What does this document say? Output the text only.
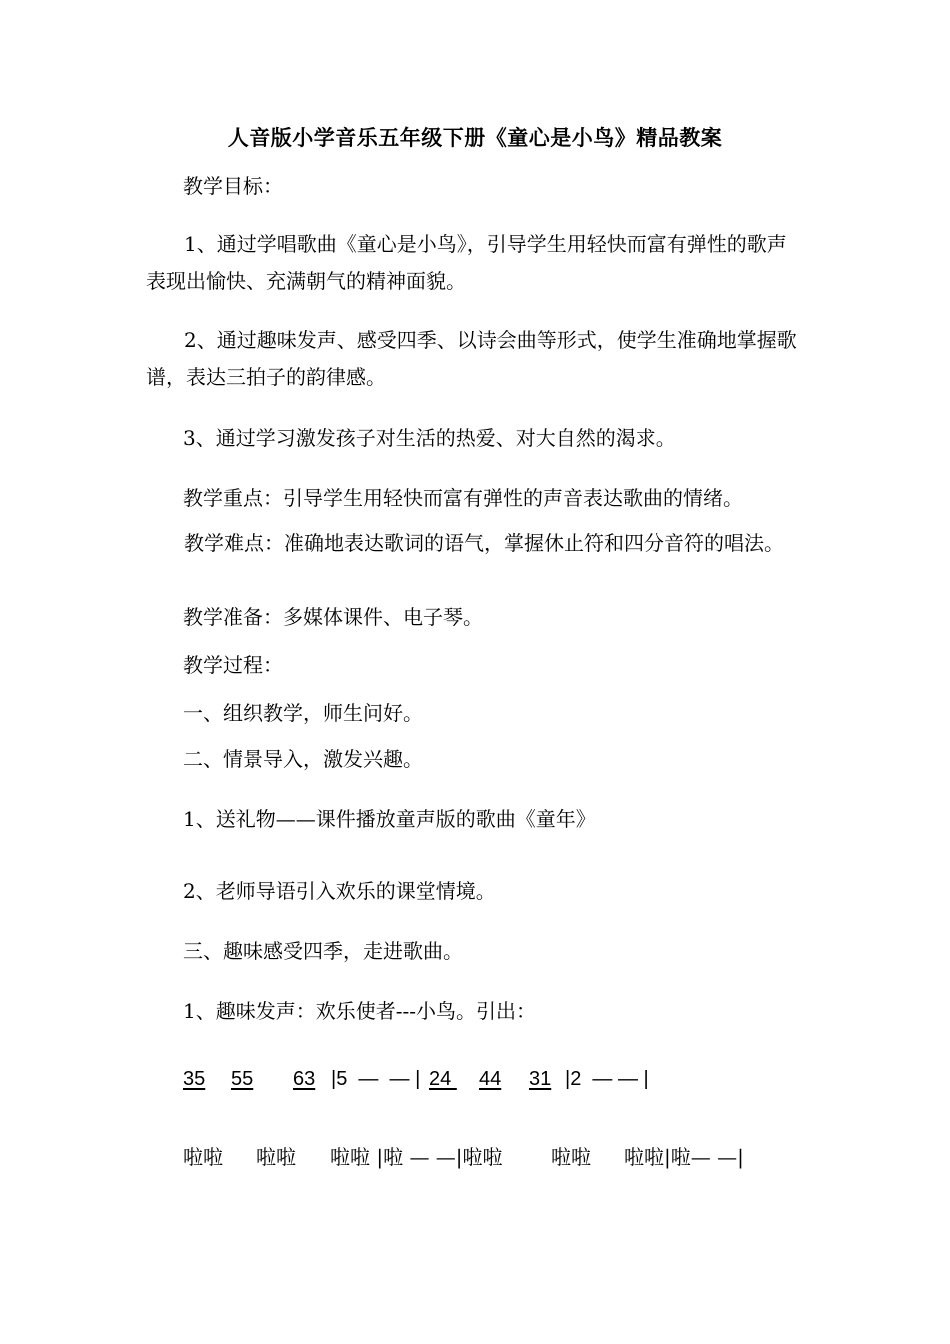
人音版小学音乐五年级下册《童心是小鸟》精品教案
教学目标：
1、通过学唱歌曲《童心是小鸟》，引导学生用轻快而富有弹性的歌声表现出愉快、充满朝气的精神面貌。
2、通过趣味发声、感受四季、以诗会曲等形式，使学生准确地掌握歌谱，表达三拍子的韵律感。
3、通过学习激发孩子对生活的热爱、对大自然的渴求。
教学重点：引导学生用轻快而富有弹性的声音表达歌曲的情绪。
教学难点：准确地表达歌词的语气，掌握休止符和四分音符的唱法。
教学准备：多媒体课件、电子琴。
教学过程：
一、组织教学，师生问好。
二、情景导入，激发兴趣。
1、送礼物——课件播放童声版的歌曲《童年》
2、老师导语引入欢乐的课堂情境。
三、趣味感受四季，走进歌曲。
1、趣味发声：欢乐使者---小鸟。引出：
35 55 63 |5  —  — | 24 44 31 |2  — — |
啦啦 啦啦 啦啦 |啦 — —|啦啦 啦啦 啦啦|啦— —|
